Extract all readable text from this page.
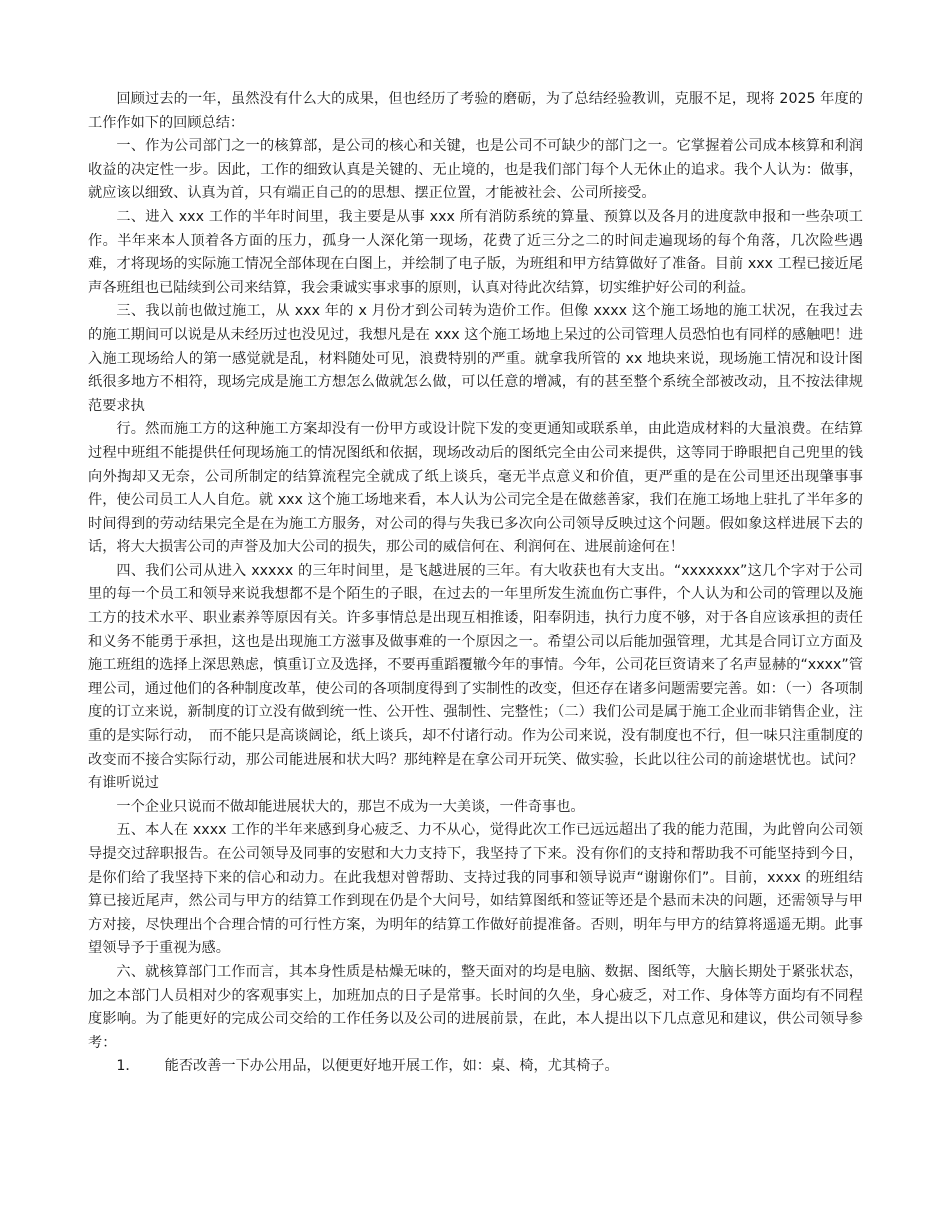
回顾过去的一年，虽然没有什么大的成果，但也经历了考验的磨砺，为了总结经验教训，克服不足，现将 2025 年度的工作作如下的回顾总结：

一、作为公司部门之一的核算部，是公司的核心和关键，也是公司不可缺少的部门之一。它掌握着公司成本核算和利润收益的决定性一步。因此，工作的细致认真是关键的、无止境的，也是我们部门每个人无休止的追求。我个人认为：做事，就应该以细致、认真为首，只有端正自己的的思想、摆正位置，才能被社会、公司所接受。

二、进入 xxx 工作的半年时间里，我主要是从事 xxx 所有消防系统的算量、预算以及各月的进度款申报和一些杂项工作。半年来本人顶着各方面的压力，孤身一人深化第一现场，花费了近三分之二的时间走遍现场的每个角落，几次险些遇难，才将现场的实际施工情况全部体现在白图上，并绘制了电子版，为班组和甲方结算做好了准备。目前 xxx 工程已接近尾声各班组也已陆续到公司来结算，我会秉诚实事求事的原则，认真对待此次结算，切实维护好公司的利益。

三、我以前也做过施工，从 xxx 年的 x 月份才到公司转为造价工作。但像 xxxx 这个施工场地的施工状况，在我过去的施工期间可以说是从未经历过也没见过，我想凡是在 xxx 这个施工场地上呆过的公司管理人员恐怕也有同样的感触吧！进入施工现场给人的第一感觉就是乱，材料随处可见，浪费特别的严重。就拿我所管的 xx 地块来说，现场施工情况和设计图纸很多地方不相符，现场完成是施工方想怎么做就怎么做，可以任意的增减，有的甚至整个系统全部被改动，且不按法律规范要求执

行。然而施工方的这种施工方案却没有一份甲方或设计院下发的变更通知或联系单，由此造成材料的大量浪费。在结算过程中班组不能提供任何现场施工的情况图纸和依据，现场改动后的图纸完全由公司来提供，这等同于睁眼把自己兜里的钱向外掏却又无奈，公司所制定的结算流程完全就成了纸上谈兵，毫无半点意义和价值，更严重的是在公司里还出现肇事事件，使公司员工人人自危。就 xxx 这个施工场地来看，本人认为公司完全是在做慈善家，我们在施工场地上驻扎了半年多的时间得到的劳动结果完全是在为施工方服务，对公司的得与失我已多次向公司领导反映过这个问题。假如象这样进展下去的话，将大大损害公司的声誉及加大公司的损失，那公司的威信何在、利润何在、进展前途何在！

四、我们公司从进入 xxxxx 的三年时间里，是飞越进展的三年。有大收获也有大支出。“xxxxxxx”这几个字对于公司里的每一个员工和领导来说我想都不是个陌生的子眼，在过去的一年里所发生流血伤亡事件，个人认为和公司的管理以及施工方的技术水平、职业素养等原因有关。许多事情总是出现互相推诿，阳奉阴违，执行力度不够，对于各自应该承担的责任和义务不能勇于承担，这也是出现施工方滋事及做事难的一个原因之一。希望公司以后能加强管理，尤其是合同订立方面及施工班组的选择上深思熟虑，慎重订立及选择，不要再重蹈覆辙今年的事情。今年，公司花巨资请来了名声显赫的“xxxx”管理公司，通过他们的各种制度改革，使公司的各项制度得到了实制性的改变，但还存在诸多问题需要完善。如：（一）各项制度的订立来说，新制度的订立没有做到统一性、公开性、强制性、完整性；（二）我们公司是属于施工企业而非销售企业，注重的是实际行动，　而不能只是高谈阔论，纸上谈兵，却不付诸行动。作为公司来说，没有制度也不行，但一味只注重制度的改变而不接合实际行动，那公司能进展和状大吗？那纯粹是在拿公司开玩笑、做实验，长此以往公司的前途堪忧也。试问？有谁听说过

一个企业只说而不做却能进展状大的，那岂不成为一大美谈，一件奇事也。

五、本人在 xxxx 工作的半年来感到身心疲乏、力不从心，觉得此次工作已远远超出了我的能力范围，为此曾向公司领导提交过辞职报告。在公司领导及同事的安慰和大力支持下，我坚持了下来。没有你们的支持和帮助我不可能坚持到今日，是你们给了我坚持下来的信心和动力。在此我想对曾帮助、支持过我的同事和领导说声“谢谢你们”。目前，xxxx 的班组结算已接近尾声，然公司与甲方的结算工作到现在仍是个大问号，如结算图纸和签证等还是个悬而未决的问题，还需领导与甲方对接，尽快理出个合理合情的可行性方案，为明年的结算工作做好前提准备。否则，明年与甲方的结算将遥遥无期。此事望领导予于重视为感。

六、就核算部门工作而言，其本身性质是枯燥无味的，整天面对的均是电脑、数据、图纸等，大脑长期处于紧张状态，加之本部门人员相对少的客观事实上，加班加点的日子是常事。长时间的久坐，身心疲乏，对工作、身体等方面均有不同程度影响。为了能更好的完成公司交给的工作任务以及公司的进展前景，在此，本人提出以下几点意见和建议，供公司领导参考：

1． 能否改善一下办公用品，以便更好地开展工作，如：桌、椅，尤其椅子。
